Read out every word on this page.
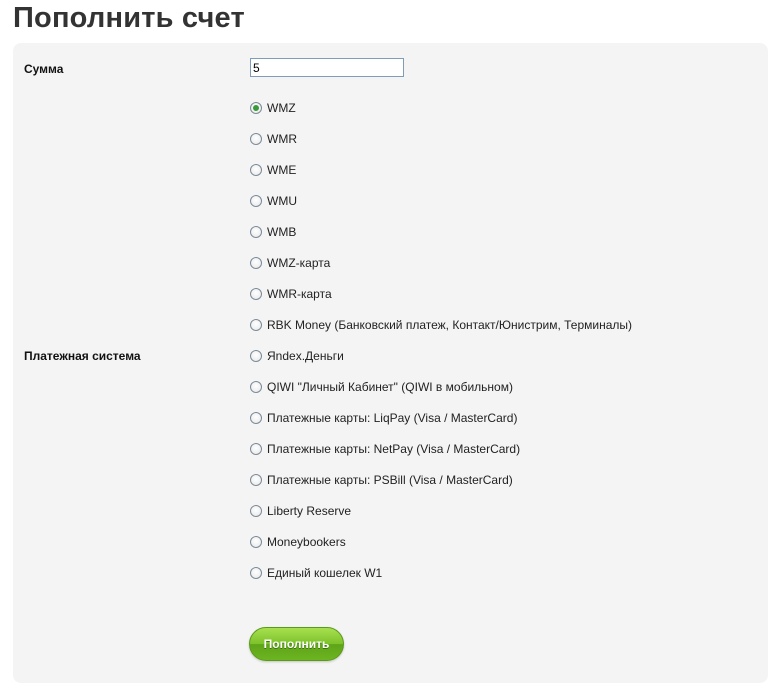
Пополнить счет
Сумма
5
Платежная система
WMZ
WMR
WME
WMU
WMB
WMZ-карта
WMR-карта
RBK Money (Банковский платеж, Контакт/Юнистрим, Терминалы)
Яndex.Деньги
QIWI "Личный Кабинет" (QIWI в мобильном)
Платежные карты: LiqPay (Visa / MasterCard)
Платежные карты: NetPay (Visa / MasterCard)
Платежные карты: PSBill (Visa / MasterCard)
Liberty Reserve
Moneybookers
Единый кошелек W1
Пополнить
